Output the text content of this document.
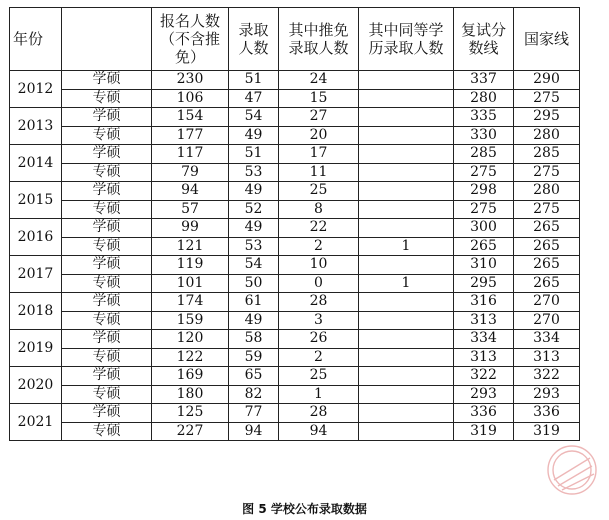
年份		报名人数（不含推免）	录取人数	其中推免录取人数	其中同等学历录取人数	复试分数线	国家线
2012	学硕	230	51	24		337	290
	专硕	106	47	15		280	275
2013	学硕	154	54	27		335	295
	专硕	177	49	20		330	280
2014	学硕	117	51	17		285	285
	专硕	79	53	11		275	275
2015	学硕	94	49	25		298	280
	专硕	57	52	8		275	275
2016	学硕	99	49	22		300	265
	专硕	121	53	2	1	265	265
2017	学硕	119	54	10		310	265
	专硕	101	50	0	1	295	265
2018	学硕	174	61	28		316	270
	专硕	159	49	3		313	270
2019	学硕	120	58	26		334	334
	专硕	122	59	2		313	313
2020	学硕	169	65	25		322	322
	专硕	180	82	1		293	293
2021	学硕	125	77	28		336	336
	专硕	227	94	94		319	319
图 5 学校公布录取数据
